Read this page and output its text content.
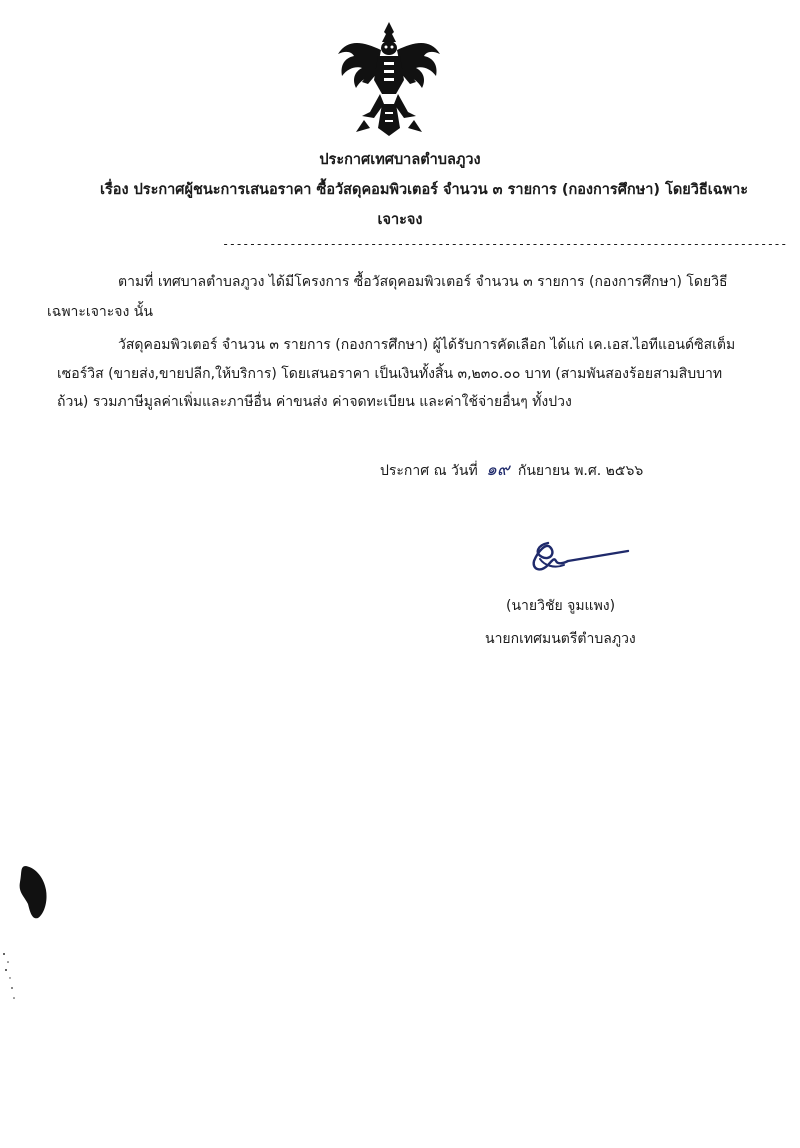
ประกาศเทศบาลตำบลภูวง

เรื่อง ประกาศผู้ชนะการเสนอราคา ซื้อวัสดุคอมพิวเตอร์ จำนวน ๓ รายการ (กองการศึกษา) โดยวิธีเฉพาะ

เจาะจง

------------------------------------------------------------------------------------

ตามที่ เทศบาลตำบลภูวง ได้มีโครงการ ซื้อวัสดุคอมพิวเตอร์ จำนวน ๓ รายการ (กองการศึกษา) โดยวิธี

เฉพาะเจาะจง นั้น

วัสดุคอมพิวเตอร์ จำนวน ๓ รายการ (กองการศึกษา) ผู้ได้รับการคัดเลือก ได้แก่ เค.เอส.ไอทีแอนด์ซิสเต็ม

เซอร์วิส (ขายส่ง,ขายปลีก,ให้บริการ) โดยเสนอราคา เป็นเงินทั้งสิ้น ๓,๒๓๐.๐๐ บาท (สามพันสองร้อยสามสิบบาท

ถ้วน) รวมภาษีมูลค่าเพิ่มและภาษีอื่น ค่าขนส่ง ค่าจดทะเบียน และค่าใช้จ่ายอื่นๆ ทั้งปวง

ประกาศ ณ วันที่ ๑๙ กันยายน พ.ศ. ๒๕๖๖

(นายวิชัย จูมแพง)

นายกเทศมนตรีตำบลภูวง
